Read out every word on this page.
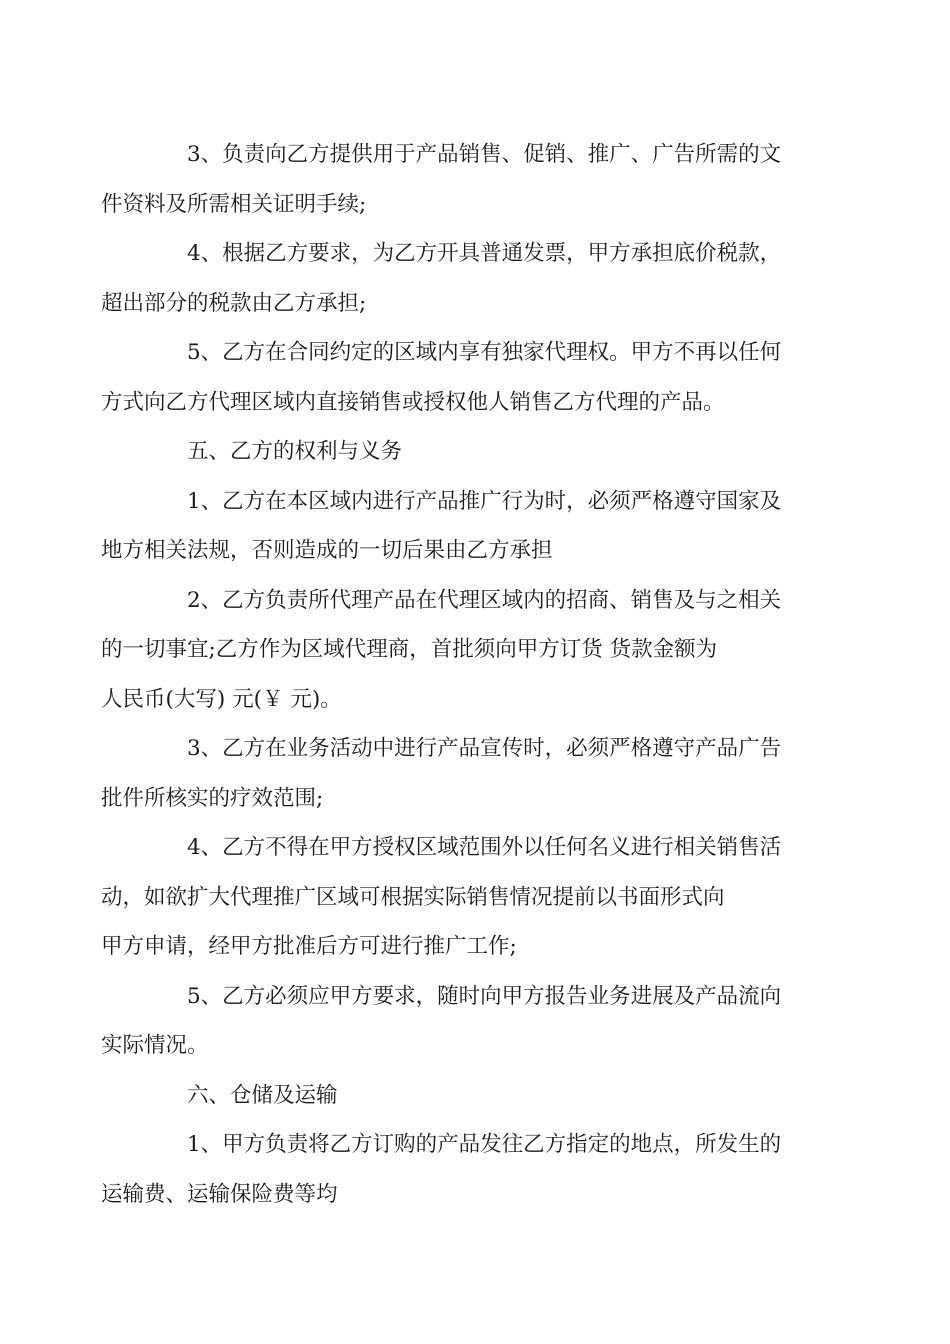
3、负责向乙方提供用于产品销售、促销、推广、广告所需的文
件资料及所需相关证明手续;

4、根据乙方要求，为乙方开具普通发票，甲方承担底价税款，
超出部分的税款由乙方承担;

5、乙方在合同约定的区域内享有独家代理权。甲方不再以任何
方式向乙方代理区域内直接销售或授权他人销售乙方代理的产品。

五、乙方的权利与义务

1、乙方在本区域内进行产品推广行为时，必须严格遵守国家及
地方相关法规，否则造成的一切后果由乙方承担

2、乙方负责所代理产品在代理区域内的招商、销售及与之相关
的一切事宜;乙方作为区域代理商，首批须向甲方订货 货款金额为
人民币(大写) 元(￥ 元)。

3、乙方在业务活动中进行产品宣传时，必须严格遵守产品广告
批件所核实的疗效范围;

4、乙方不得在甲方授权区域范围外以任何名义进行相关销售活
动，如欲扩大代理推广区域可根据实际销售情况提前以书面形式向
甲方申请，经甲方批准后方可进行推广工作;

5、乙方必须应甲方要求，随时向甲方报告业务进展及产品流向
实际情况。

六、仓储及运输

1、甲方负责将乙方订购的产品发往乙方指定的地点，所发生的
运输费、运输保险费等均
